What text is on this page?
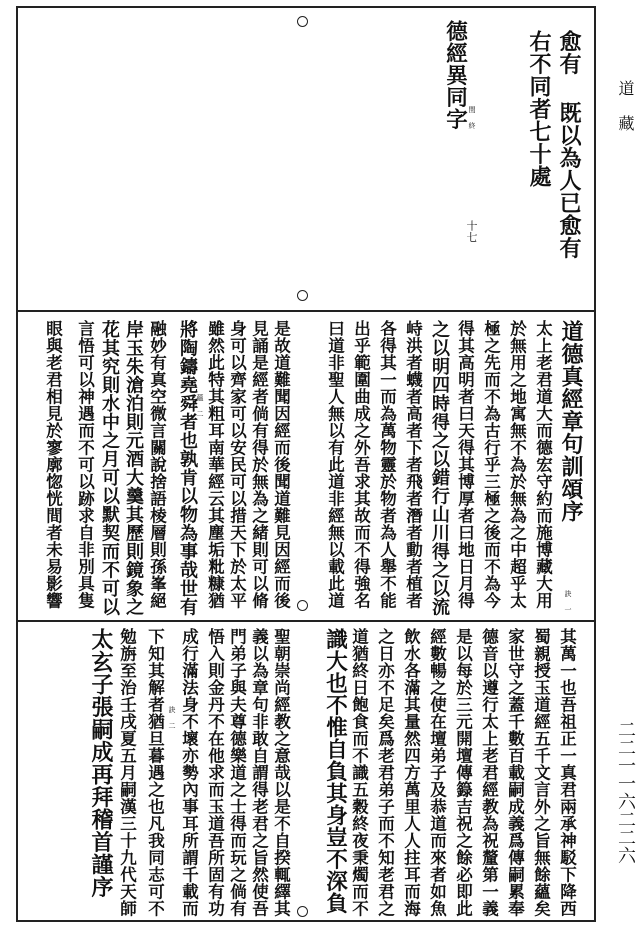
道 藏
二二一一六二二六
愈有 既以為人已愈有
右不同者七十處
德經異同字 閏 終
十七
道德真經章句訓頌序
太上老君道大而德宏守約而施博藏大用
於無用之地寓無不為於無為之中超乎太
極之先而不為古行乎三極之後而不為今
得其高明者曰天得其博厚者曰地日月得
之以明四時得之以錯行山川得之以流
峙洪者蠛者高者下者飛者潛者動者植者
各得其一而為萬物靈於物者為人舉不能
出乎範圍曲成之外吾求其故而不得強名
曰道非聖人無以有此道非經無以載此道
是故道難聞因經而後聞道難見因經而後
見誦是經者倘有得於無為之緒則可以脩
身可以齊家可以安民可以措天下於太平
雖然此特其粗耳南華經云其塵垢粃糠猶
將陶鑄堯舜者也孰肯以物為事哉世有
融妙有真空微言關說捨語棱層則孫峯絕
岸玉朱滄泊則元酒大羹其歷則鏡象之
花其究則水中之月可以默契而不可以
言悟可以神遇而不可以跡求自非別具隻
眼與老君相見於寥廓惚恍間者未易影響	訣 一
蘊 二
其萬一也吾祖正一真君兩承神駁下降西
蜀親授玉道經五千文言外之旨無餘蘊矣
家世守之蓋千數百載嗣成義爲傳嗣累奉
德音以遵行太上老君經教為祝釐第一義
是以每於三元開壇傳籙吉祝之餘必即此
經數暢之使在壇弟子及恭道而來者如魚
飲水各滿其量然四方萬里人人拄耳而海
之日亦不足矣爲老君弟子而不知老君之
道猶終日飽食而不識五穀終夜秉燭而不
識大也不惟自負其身豈不深負
聖朝崇尚經教之意哉以是不自揆輒繹其
義以為章句非敢自謂得老君之旨然使吾
門弟子與夫尊德樂道之士得而玩之倘有
悟入則金丹不在他求而玉道吾所固有功
成行滿法身不壞亦勢內事耳所謂千載而
下知其解者猶旦暮遇之也凡我同志可不
勉旃至治壬戌夏五月嗣漢三十九代天師
太玄子張嗣成再拜稽首謹序	訣 二
